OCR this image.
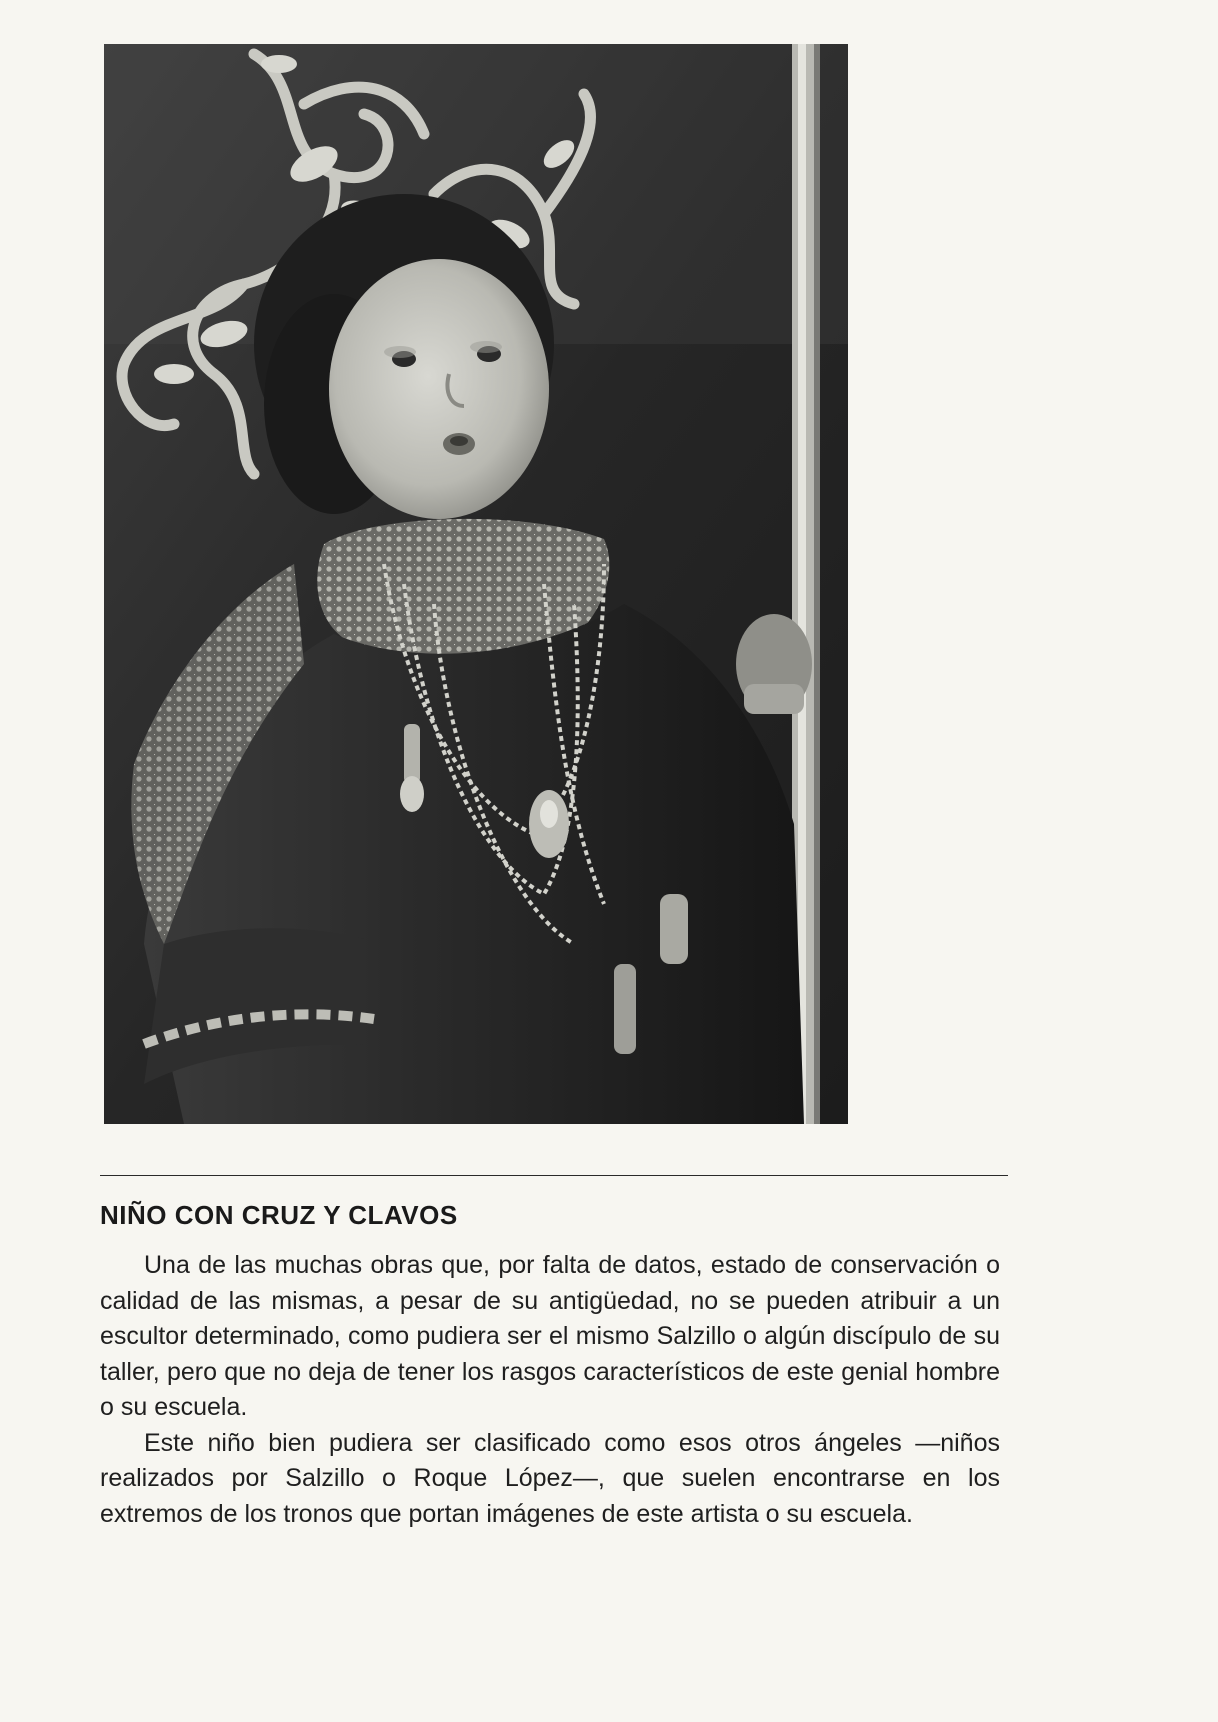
NIÑO CON CRUZ Y CLAVOS

Una de las muchas obras que, por falta de datos, estado de conservación o calidad de las mismas, a pesar de su antigüedad, no se pueden atribuir a un escultor determinado, como pudiera ser el mismo Salzillo o algún discípulo de su taller, pero que no deja de tener los rasgos característicos de este genial hombre o su escuela.

Este niño bien pudiera ser clasificado como esos otros ángeles —niños realizados por Salzillo o Roque López—, que suelen encontrarse en los extremos de los tronos que portan imágenes de este artista o su escuela.
